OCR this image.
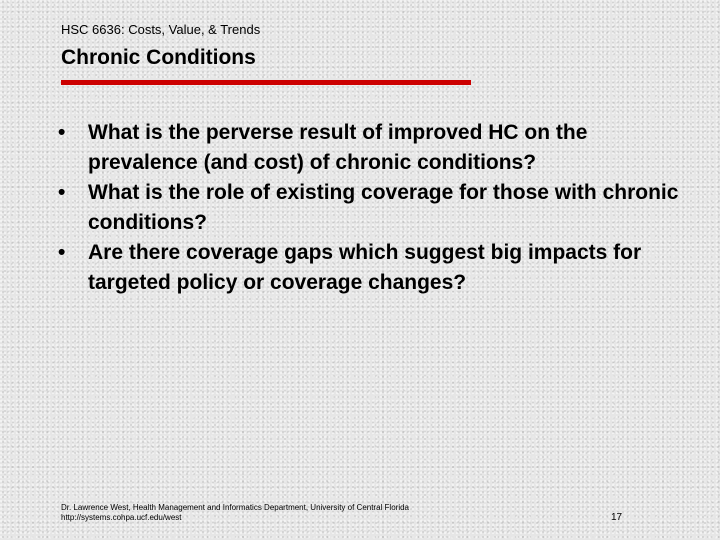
HSC 6636: Costs, Value, & Trends
Chronic Conditions
•	What is the perverse result of improved HC on the prevalence (and cost) of chronic conditions?
•	What is the role of existing coverage for those with chronic conditions?
•	Are there coverage gaps which suggest big impacts for targeted policy or coverage changes?
Dr. Lawrence West, Health Management and Informatics Department, University of Central Florida
http://systems.cohpa.ucf.edu/west	17
